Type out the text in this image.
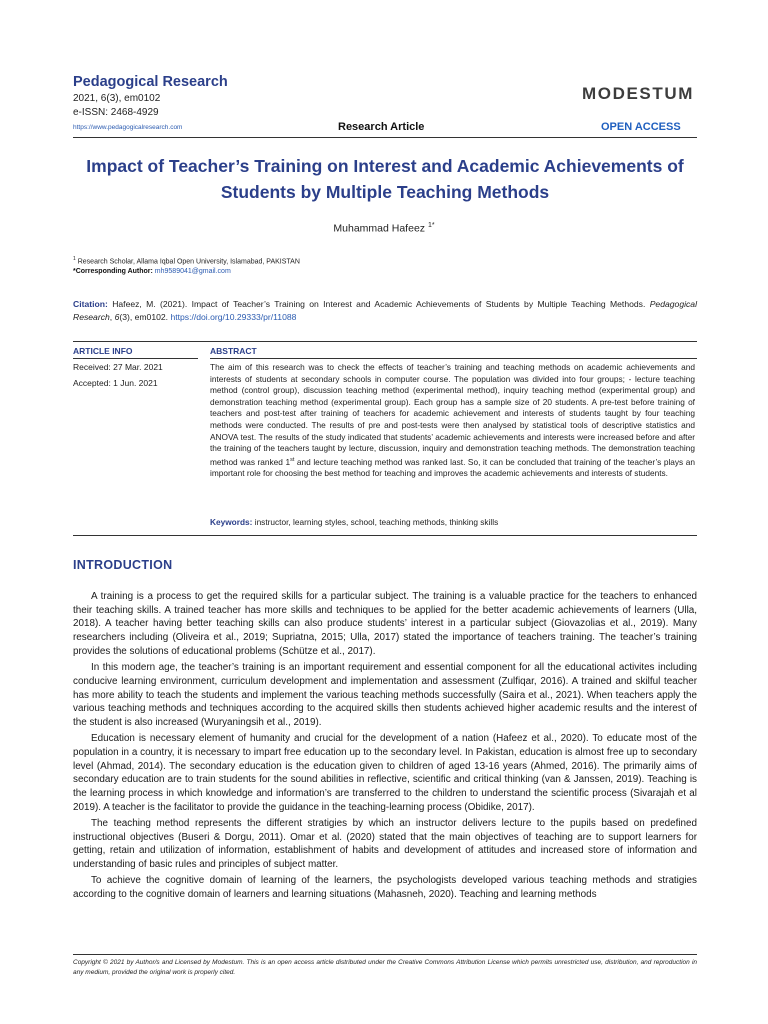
Pedagogical Research
2021, 6(3), em0102
e-ISSN: 2468-4929
https://www.pedagogicalresearch.com
MODESTUM
Research Article	OPEN ACCESS
Impact of Teacher’s Training on Interest and Academic Achievements of Students by Multiple Teaching Methods
Muhammad Hafeez $^{1*}$
$^1$ Research Scholar, Allama Iqbal Open University, Islamabad, PAKISTAN
*Corresponding Author: mh9589041@gmail.com
Citation: Hafeez, M. (2021). Impact of Teacher’s Training on Interest and Academic Achievements of Students by Multiple Teaching Methods. Pedagogical Research, 6(3), em0102. https://doi.org/10.29333/pr/11088
ARTICLE INFO	ABSTRACT
Received: 27 Mar. 2021
Accepted: 1 Jun. 2021
The aim of this research was to check the effects of teacher’s training and teaching methods on academic achievements and interests of students at secondary schools in computer course. The population was divided into four groups; - lecture teaching method (control group), discussion teaching method (experimental method), inquiry teaching method (experimental group) and demonstration teaching method (experimental group). Each group has a sample size of 20 students. A pre-test before training of teachers and post-test after training of teachers for academic achievement and interests of students taught by four teaching methods were conducted. The results of pre and post-tests were then analysed by statistical tools of descriptive statistics and ANOVA test. The results of the study indicated that students’ academic achievements and interests were increased before and after the training of the teachers taught by lecture, discussion, inquiry and demonstration teaching methods. The demonstration teaching method was ranked 1st and lecture teaching method was ranked last. So, it can be concluded that training of the teacher’s plays an important role for choosing the best method for teaching and improves the academic achievements and interests of students.
Keywords: instructor, learning styles, school, teaching methods, thinking skills
INTRODUCTION

A training is a process to get the required skills for a particular subject. The training is a valuable practice for the teachers to enhanced their teaching skills. A trained teacher has more skills and techniques to be applied for the better academic achievements of learners (Ulla, 2018). A teacher having better teaching skills can also produce students’ interest in a particular subject (Giovazolias et al., 2019). Many researchers including (Oliveira et al., 2019; Supriatna, 2015; Ulla, 2017) stated the importance of teachers training. The teacher’s training provides the solutions of educational problems (Schütze et al., 2017).

In this modern age, the teacher’s training is an important requirement and essential component for all the educational activites including conducive learning environment, curriculum development and implementation and assessment (Zulfiqar, 2016). A trained and skilful teacher has more ability to teach the students and implement the various teaching methods successfully (Saira et al., 2021). When teachers apply the various teaching methods and techniques according to the acquired skills then students achieved higher academic results and the interest of the student is also increased (Wuryaningsih et al., 2019).

Education is necessary element of humanity and crucial for the development of a nation (Hafeez et al., 2020). To educate most of the population in a country, it is necessary to impart free education up to the secondary level. In Pakistan, education is almost free up to secondary level (Ahmad, 2014). The secondary education is the education given to children of aged 13-16 years (Ahmed, 2016). The primarily aims of secondary education are to train students for the sound abilities in reflective, scientific and critical thinking (van & Janssen, 2019). Teaching is the learning process in which knowledge and information’s are transferred to the children to understand the scientific process (Sivarajah et al 2019). A teacher is the facilitator to provide the guidance in the teaching-learning process (Obidike, 2017).

The teaching method represents the different stratigies by which an instructor delivers lecture to the pupils based on predefined instructional objectives (Buseri & Dorgu, 2011). Omar et al. (2020) stated that the main objectives of teaching are to support learners for getting, retain and utilization of information, establishment of habits and development of attitudes and increased store of information and understanding of basic rules and principles of subject matter.

To achieve the cognitive domain of learning of the learners, the psychologists developed various teaching methods and stratigies according to the cognitive domain of learners and learning situations (Mahasneh, 2020). Teaching and learning methods

Copyright © 2021 by Author/s and Licensed by Modestum. This is an open access article distributed under the Creative Commons Attribution License which permits unrestricted use, distribution, and reproduction in any medium, provided the original work is properly cited.
